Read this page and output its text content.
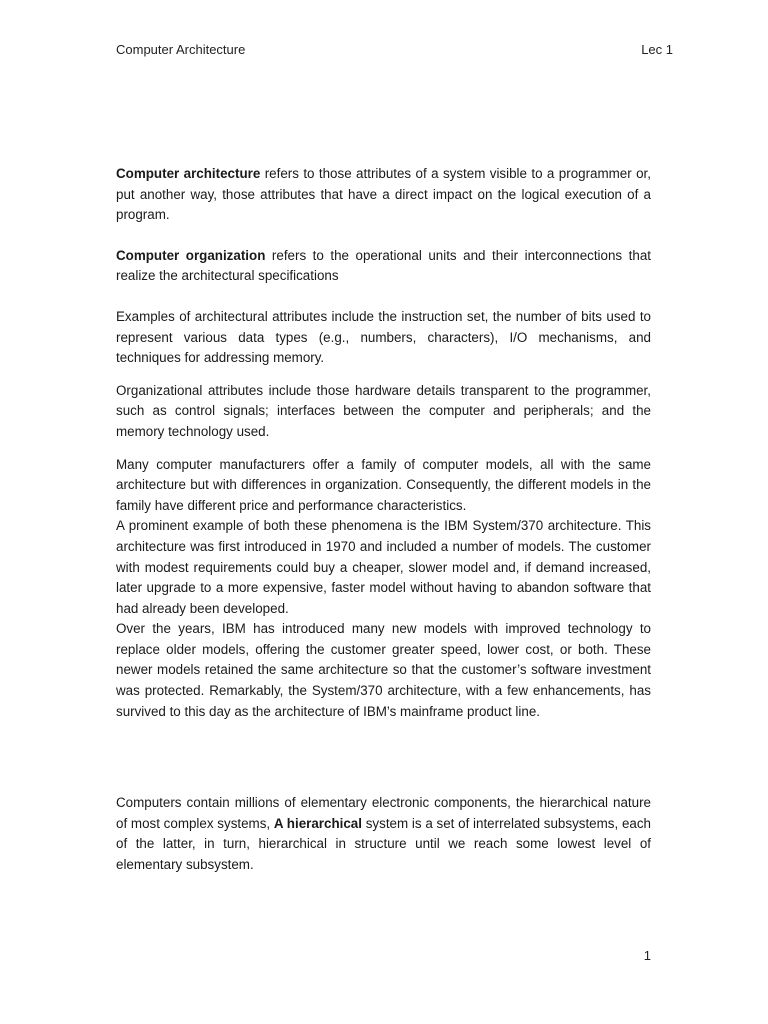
Computer Architecture	Lec 1

Computer architecture refers to those attributes of a system visible to a programmer or, put another way, those attributes that have a direct impact on the logical execution of a program.

Computer organization refers to the operational units and their interconnections that realize the architectural specifications

Examples of architectural attributes include the instruction set, the number of bits used to represent various data types (e.g., numbers, characters), I/O mechanisms, and techniques for addressing memory.

Organizational attributes include those hardware details transparent to the programmer, such as control signals; interfaces between the computer and peripherals; and the memory technology used.

Many computer manufacturers offer a family of computer models, all with the same architecture but with differences in organization. Consequently, the different models in the family have different price and performance characteristics.

A prominent example of both these phenomena is the IBM System/370 architecture. This architecture was first introduced in 1970 and included a number of models. The customer with modest requirements could buy a cheaper, slower model and, if demand increased, later upgrade to a more expensive, faster model without having to abandon software that had already been developed.

Over the years, IBM has introduced many new models with improved technology to replace older models, offering the customer greater speed, lower cost, or both. These newer models retained the same architecture so that the customer’s software investment was protected. Remarkably, the System/370 architecture, with a few enhancements, has survived to this day as the architecture of IBM’s mainframe product line.

Computers contain millions of elementary electronic components, the hierarchical nature of most complex systems, A hierarchical system is a set of interrelated subsystems, each of the latter, in turn, hierarchical in structure until we reach some lowest level of elementary subsystem.

1
